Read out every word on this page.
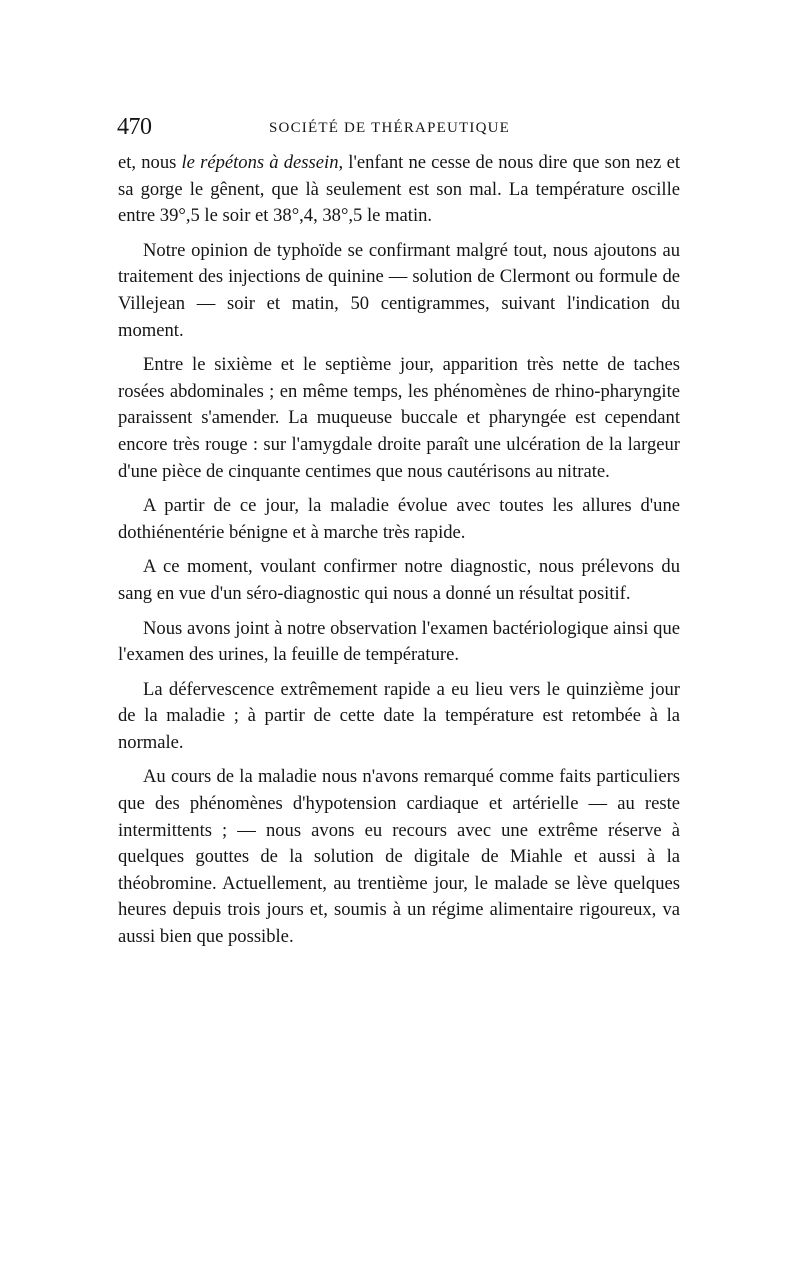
470	SOCIÉTÉ DE THÉRAPEUTIQUE

et, nous le répétons à dessein, l'enfant ne cesse de nous dire que son nez et sa gorge le gênent, que là seulement est son mal. La température oscille entre 39°,5 le soir et 38°,4, 38°,5 le matin.

Notre opinion de typhoïde se confirmant malgré tout, nous ajoutons au traitement des injections de quinine — solution de Clermont ou formule de Villejean — soir et matin, 50 centigrammes, suivant l'indication du moment.

Entre le sixième et le septième jour, apparition très nette de taches rosées abdominales ; en même temps, les phénomènes de rhino-pharyngite paraissent s'amender. La muqueuse buccale et pharyngée est cependant encore très rouge : sur l'amygdale droite paraît une ulcération de la largeur d'une pièce de cinquante centimes que nous cautérisons au nitrate.

A partir de ce jour, la maladie évolue avec toutes les allures d'une dothiénentérie bénigne et à marche très rapide.

A ce moment, voulant confirmer notre diagnostic, nous prélevons du sang en vue d'un séro-diagnostic qui nous a donné un résultat positif.

Nous avons joint à notre observation l'examen bactériologique ainsi que l'examen des urines, la feuille de température.

La défervescence extrêmement rapide a eu lieu vers le quinzième jour de la maladie ; à partir de cette date la température est retombée à la normale.

Au cours de la maladie nous n'avons remarqué comme faits particuliers que des phénomènes d'hypotension cardiaque et artérielle — au reste intermittents ; — nous avons eu recours avec une extrême réserve à quelques gouttes de la solution de digitale de Miahle et aussi à la théobromine. Actuellement, au trentième jour, le malade se lève quelques heures depuis trois jours et, soumis à un régime alimentaire rigoureux, va aussi bien que possible.
